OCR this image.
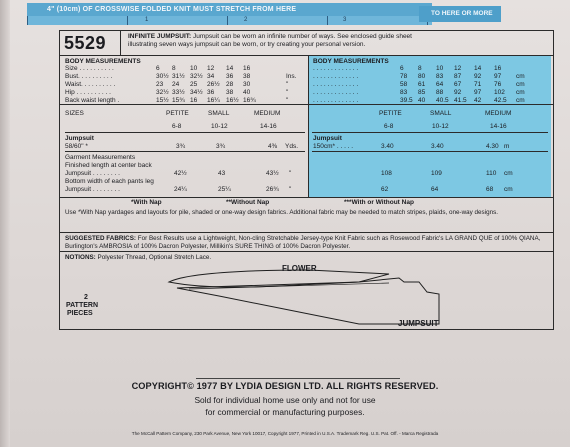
4" (10cm) OF CROSSWISE FOLDED KNIT MUST STRETCH FROM HERE
1	2	3
TO HERE OR MORE
5529	INFINITE JUMPSUIT: Jumpsuit can be worn an infinite number of ways. See enclosed guide sheet
illustrating seven ways jumpsuit can be worn, or try creating your personal version.
BODY MEASUREMENTS
Size . . . . . . . . . .	6 8 10 12 14 16
Bust. . . . . . . . . .	30½ 31½ 32½ 34 36 38	Ins.
Waist. . . . . . . . . .	23 24 25 26½ 28 30	"
Hip . . . . . . . . . .	32½ 33½ 34½ 36 38 40	"
Back waist length .	15½ 15¾ 16 16¼ 16½ 16¾	"
BODY MEASUREMENTS
. . . . . . . . . . . . .	6 8 10 12 14 16
. . . . . . . . . . . . .	78 80 83 87 92 97 cm
. . . . . . . . . . . . .	58 61 64 67 71 76 cm
. . . . . . . . . . . . .	83 85 88 92 97 102 cm
. . . . . . . . . . . . .	39.5 40 40.5 41.5 42 42.5 cm
SIZES	PETITE	SMALL	MEDIUM
6-8	10-12	14-16
PETITE	SMALL	MEDIUM
6-8	10-12	14-16
Jumpsuit
58/60" *	3¾	3¾	4⅜ Yds.
Jumpsuit
150cm* . . . . .	3.40	3.40	4.30 m
Garment Measurements
Finished length at center back
Jumpsuit . . . . . . . .	42½	43	43½ "
Bottom width of each pants leg
Jumpsuit . . . . . . . .	24¼	25¼	26¾ "
108	109	110 cm
62	64	68 cm
*With Nap	**Without Nap	***With or Without Nap
Use *With Nap yardages and layouts for pile, shaded or one-way design fabrics. Additional fabric may be needed to match stripes, plaids, one-way designs.
SUGGESTED FABRICS: For Best Results use a Lightweight, Non-cling Stretchable Jersey-type Knit Fabric such as Rosewood Fabric's LA GRAND QUE of 100% QIANA, Burlington's AMBROSIA of 100% Dacron Polyester, Millikin's SURE THING of 100% Dacron Polyester.
NOTIONS: Polyester Thread, Optional Stretch Lace.
2
PATTERN
PIECES
FLOWER
JUMPSUIT
COPYRIGHT© 1977 BY LYDIA DESIGN LTD. ALL RIGHTS RESERVED.
Sold for individual home use only and not for use
for commercial or manufacturing purposes.
The McCall Pattern Company, 230 Park Avenue, New York 10017, Copyright 1977, Printed in U.S.A. Trademark Reg. U.S. Pat. Off. - Marca Registrada
